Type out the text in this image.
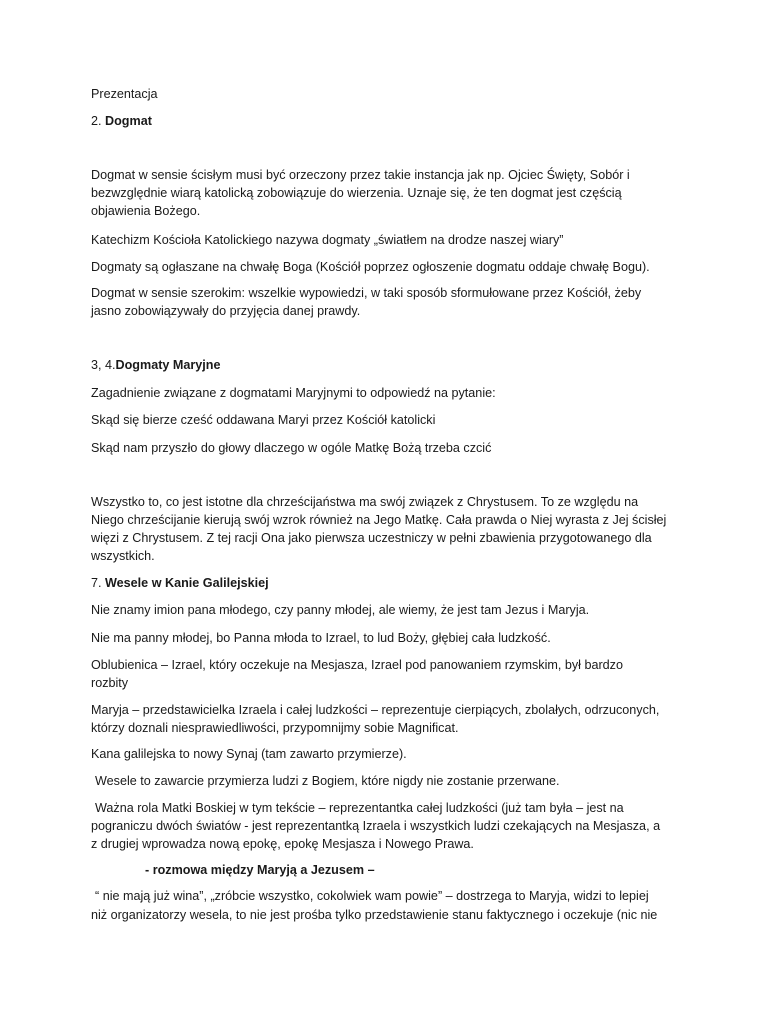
Prezentacja

2. Dogmat

Dogmat w sensie ścisłym musi być orzeczony przez takie instancja jak np. Ojciec Święty, Sobór i

bezwzględnie wiarą katolicką zobowiązuje do wierzenia. Uznaje się, że ten dogmat jest częścią

objawienia Bożego.

Katechizm Kościoła Katolickiego nazywa dogmaty „światłem na drodze naszej wiary”

Dogmaty są ogłaszane na chwałę Boga (Kościół poprzez ogłoszenie dogmatu oddaje chwałę Bogu).

Dogmat w sensie szerokim: wszelkie wypowiedzi, w taki sposób sformułowane przez Kościół, żeby

jasno zobowiązywały do przyjęcia danej prawdy.

3, 4.Dogmaty Maryjne

Zagadnienie związane z dogmatami Maryjnymi to odpowiedź na pytanie:

Skąd się bierze cześć oddawana Maryi przez Kościół katolicki

Skąd nam przyszło do głowy dlaczego w ogóle Matkę Bożą trzeba czcić

Wszystko to, co jest istotne dla chrześcijaństwa ma swój związek z Chrystusem. To ze względu na

Niego chrześcijanie kierują swój wzrok również na Jego Matkę. Cała prawda o Niej wyrasta z Jej ścisłej

więzi z Chrystusem. Z tej racji Ona jako pierwsza uczestniczy w pełni zbawienia przygotowanego dla

wszystkich.

7. Wesele w Kanie Galilejskiej

Nie znamy imion pana młodego, czy panny młodej, ale wiemy, że jest tam Jezus i Maryja.

Nie ma panny młodej, bo Panna młoda to Izrael, to lud Boży, głębiej cała ludzkość.

Oblubienica – Izrael, który oczekuje na Mesjasza, Izrael pod panowaniem rzymskim, był bardzo

rozbity

Maryja – przedstawicielka Izraela i całej ludzkości – reprezentuje cierpiących, zbolałych, odrzuconych,

którzy doznali niesprawiedliwości, przypomnijmy sobie Magnificat.

Kana galilejska to nowy Synaj (tam zawarto przymierze).

Wesele to zawarcie przymierza ludzi z Bogiem, które nigdy nie zostanie przerwane.

Ważna rola Matki Boskiej w tym tekście – reprezentantka całej ludzkości (już tam była – jest na

pograniczu dwóch światów - jest reprezentantką Izraela i wszystkich ludzi czekających na Mesjasza, a

z drugiej wprowadza nową epokę, epokę Mesjasza i Nowego Prawa.

- rozmowa między Maryją a Jezusem –

“ nie mają już wina”, „zróbcie wszystko, cokolwiek wam powie” – dostrzega to Maryja, widzi to lepiej

niż organizatorzy wesela, to nie jest prośba tylko przedstawienie stanu faktycznego i oczekuje (nic nie
